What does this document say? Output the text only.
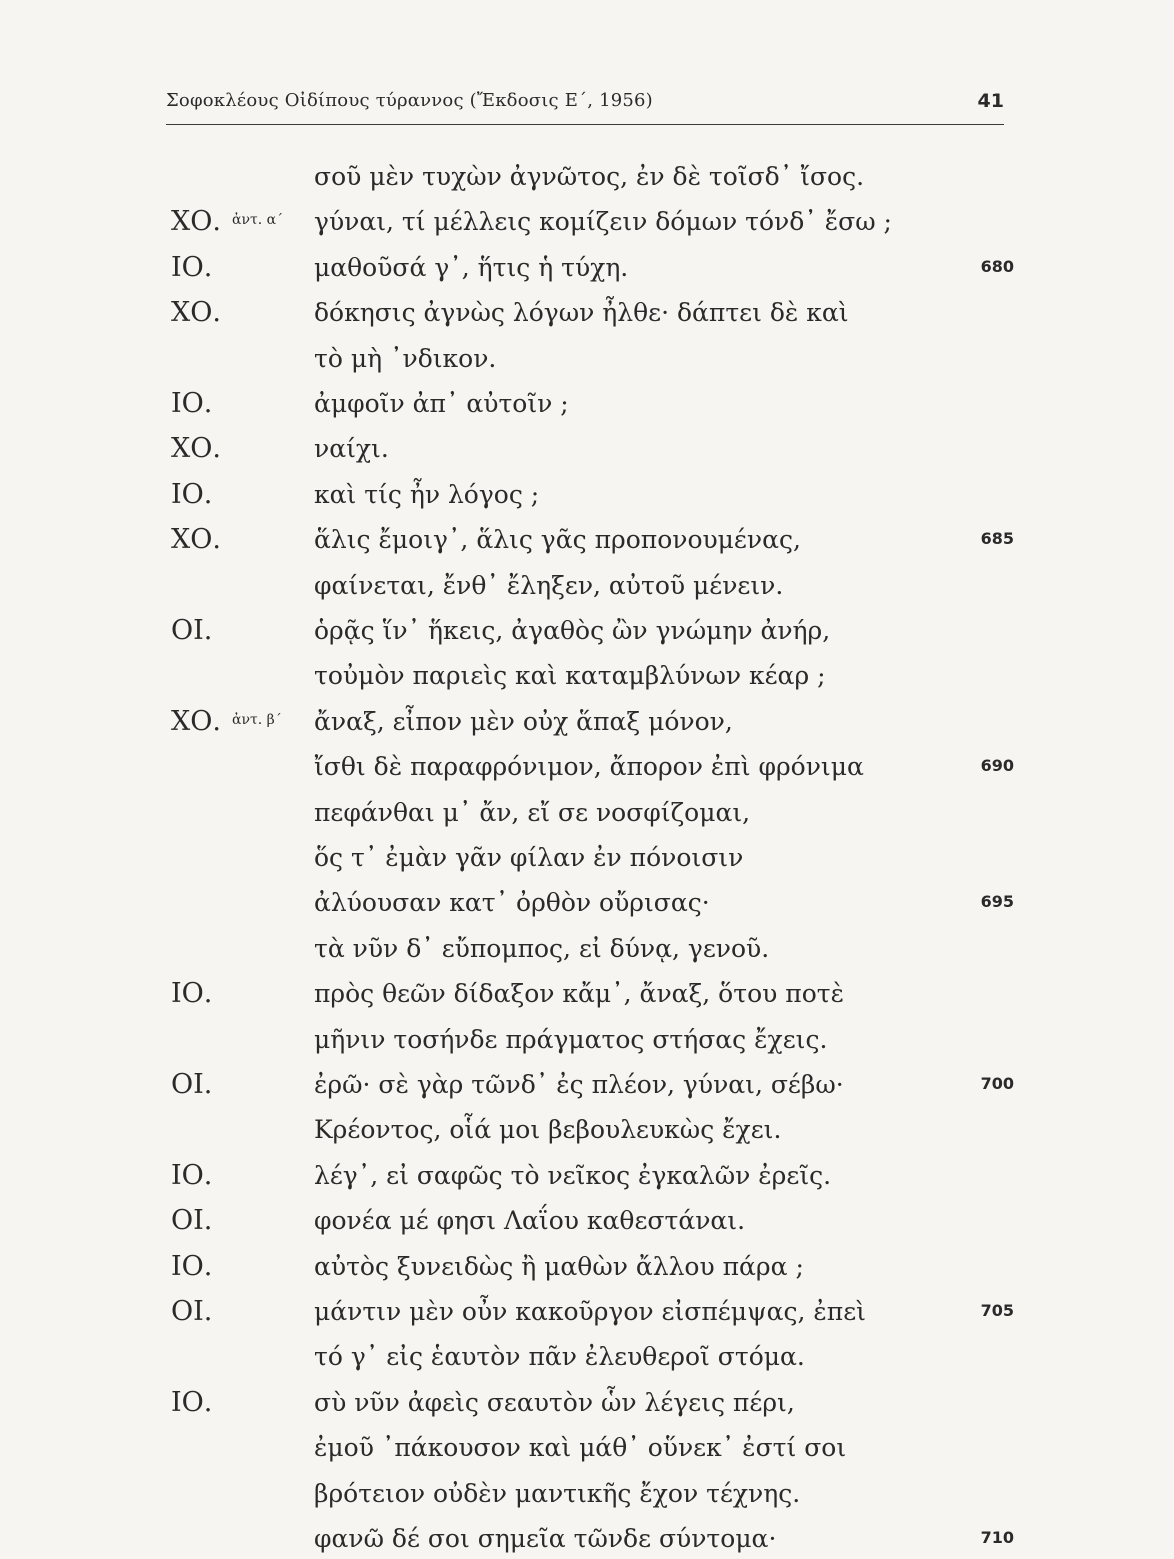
Σοφοκλέους Οἰδίπους τύραννος (Ἔκδοσις Ε΄, 1956)	41
σοῦ μὲν τυχὼν ἀγνῶτος, ἐν δὲ τοῖσδ᾽ ἴσος.
ΧΟ. ἀντ. α΄ γύναι, τί μέλλεις κομίζειν δόμων τόνδ᾽ ἔσω ;
ΙΟ.	μαθοῦσά γ᾽, ἥτις ἡ τύχη.	680
ΧΟ.	δόκησις ἀγνὼς λόγων ἦλθε· δάπτει δὲ καὶ
τὸ μὴ ᾽νδικον.
ΙΟ.	ἀμφοῖν ἀπ᾽ αὐτοῖν ;
ΧΟ.	ναίχι.
ΙΟ.	καὶ τίς ἦν λόγος ;
ΧΟ.	ἅλις ἔμοιγ᾽, ἅλις γᾶς προπονουμένας,	685
φαίνεται, ἔνθ᾽ ἔληξεν, αὐτοῦ μένειν.
ΟΙ.	ὁρᾷς ἵν᾽ ἥκεις, ἀγαθὸς ὢν γνώμην ἀνήρ,
τοὐμὸν παριεὶς καὶ καταμβλύνων κέαρ ;
ΧΟ. ἀντ. β΄ ἄναξ, εἶπον μὲν οὐχ ἅπαξ μόνον,
ἴσθι δὲ παραφρόνιμον, ἄπορον ἐπὶ φρόνιμα	690
πεφάνθαι μ᾽ ἄν, εἴ σε νοσφίζομαι,
ὅς τ᾽ ἐμὰν γᾶν φίλαν ἐν πόνοισιν
ἀλύουσαν κατ᾽ ὀρθὸν οὔρισας·	695
τὰ νῦν δ᾽ εὔπομπος, εἰ δύνᾳ, γενοῦ.
ΙΟ.	πρὸς θεῶν δίδαξον κἄμ᾽, ἄναξ, ὅτου ποτὲ
μῆνιν τοσήνδε πράγματος στήσας ἔχεις.
ΟΙ.	ἐρῶ· σὲ γὰρ τῶνδ᾽ ἐς πλέον, γύναι, σέβω·	700
Κρέοντος, οἷά μοι βεβουλευκὼς ἔχει.
ΙΟ.	λέγ᾽, εἰ σαφῶς τὸ νεῖκος ἐγκαλῶν ἐρεῖς.
ΟΙ.	φονέα μέ φησι Λαΐου καθεστάναι.
ΙΟ.	αὐτὸς ξυνειδὼς ἢ μαθὼν ἄλλου πάρα ;
ΟΙ.	μάντιν μὲν οὖν κακοῦργον εἰσπέμψας, ἐπεὶ	705
τό γ᾽ εἰς ἑαυτὸν πᾶν ἐλευθεροῖ στόμα.
ΙΟ.	σὺ νῦν ἀφεὶς σεαυτὸν ὧν λέγεις πέρι,
ἐμοῦ ᾽πάκουσον καὶ μάθ᾽ οὕνεκ᾽ ἐστί σοι
βρότειον οὐδὲν μαντικῆς ἔχον τέχνης.
φανῶ δέ σοι σημεῖα τῶνδε σύντομα·	710
